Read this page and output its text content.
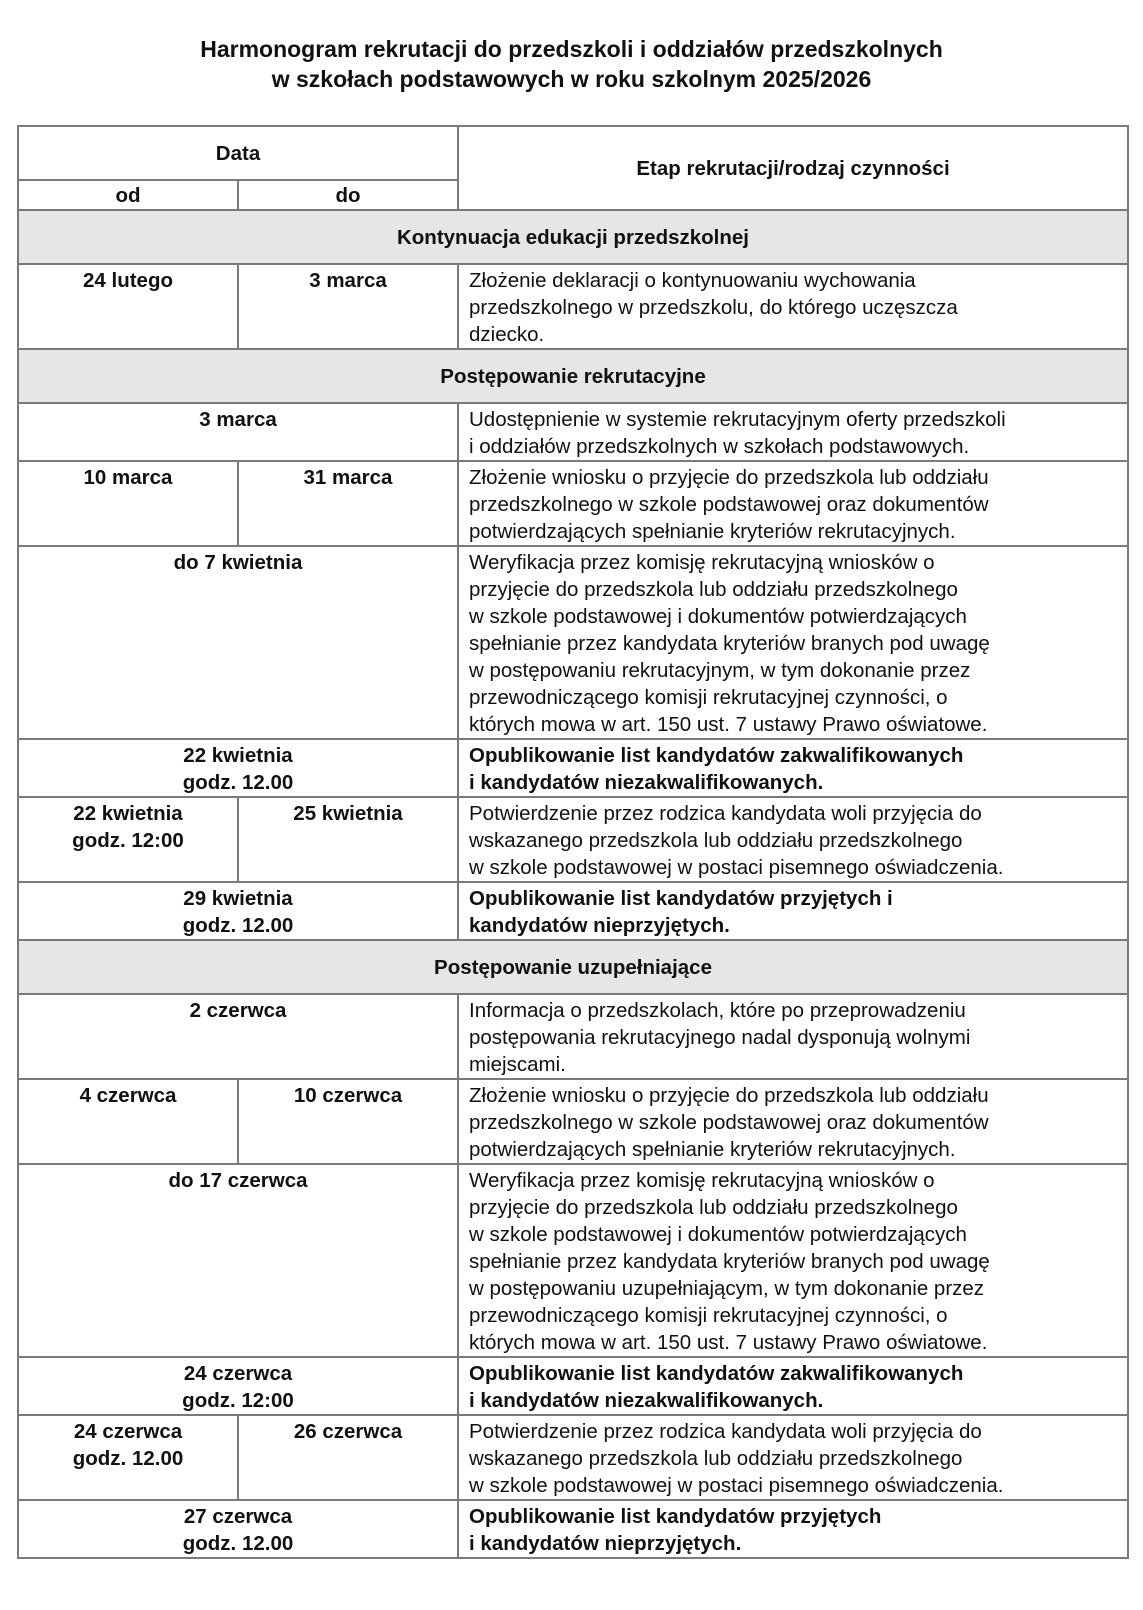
Harmonogram rekrutacji do przedszkoli i oddziałów przedszkolnych
w szkołach podstawowych w roku szkolnym 2025/2026
Data		Etap rekrutacji/rodzaj czynności
od	do	
Kontynuacja edukacji przedszkolnej		

24 lutego	3 marca	Złożenie deklaracji o kontynuowaniu wychowania
przedszkolnego w przedszkolu, do którego uczęszcza
dziecko.

Postępowanie rekrutacyjne		

3 marca		Udostępnienie w systemie rekrutacyjnym oferty przedszkoli
i oddziałów przedszkolnych w szkołach podstawowych.

10 marca	31 marca	Złożenie wniosku o przyjęcie do przedszkola lub oddziału
przedszkolnego w szkole podstawowej oraz dokumentów
potwierdzających spełnianie kryteriów rekrutacyjnych.

do 7 kwietnia	Weryfikacja przez komisję rekrutacyjną wniosków o
przyjęcie do przedszkola lub oddziału przedszkolnego
w szkole podstawowej i dokumentów potwierdzających
spełnianie przez kandydata kryteriów branych pod uwagę
w postępowaniu rekrutacyjnym, w tym dokonanie przez
przewodniczącego komisji rekrutacyjnej czynności, o
których mowa w art. 150 ust. 7 ustawy Prawo oświatowe.

22 kwietnia
godz. 12.00		Opublikowanie list kandydatów zakwalifikowanych
i kandydatów niezakwalifikowanych.

22 kwietnia
godz. 12:00	25 kwietnia	Potwierdzenie przez rodzica kandydata woli przyjęcia do
wskazanego przedszkola lub oddziału przedszkolnego
w szkole podstawowej w postaci pisemnego oświadczenia.

29 kwietnia
godz. 12.00		Opublikowanie list kandydatów przyjętych i
kandydatów nieprzyjętych.

Postępowanie uzupełniające		

2 czerwca		Informacja o przedszkolach, które po przeprowadzeniu
postępowania rekrutacyjnego nadal dysponują wolnymi
miejscami.

4 czerwca	10 czerwca	Złożenie wniosku o przyjęcie do przedszkola lub oddziału
przedszkolnego w szkole podstawowej oraz dokumentów
potwierdzających spełnianie kryteriów rekrutacyjnych.

do 17 czerwca	Weryfikacja przez komisję rekrutacyjną wniosków o
przyjęcie do przedszkola lub oddziału przedszkolnego
w szkole podstawowej i dokumentów potwierdzających
spełnianie przez kandydata kryteriów branych pod uwagę
w postępowaniu uzupełniającym, w tym dokonanie przez
przewodniczącego komisji rekrutacyjnej czynności, o
których mowa w art. 150 ust. 7 ustawy Prawo oświatowe.

24 czerwca
godz. 12:00		Opublikowanie list kandydatów zakwalifikowanych
i kandydatów niezakwalifikowanych.

24 czerwca
godz. 12.00	26 czerwca	Potwierdzenie przez rodzica kandydata woli przyjęcia do
wskazanego przedszkola lub oddziału przedszkolnego
w szkole podstawowej w postaci pisemnego oświadczenia.

27 czerwca
godz. 12.00		Opublikowanie list kandydatów przyjętych
i kandydatów nieprzyjętych.
